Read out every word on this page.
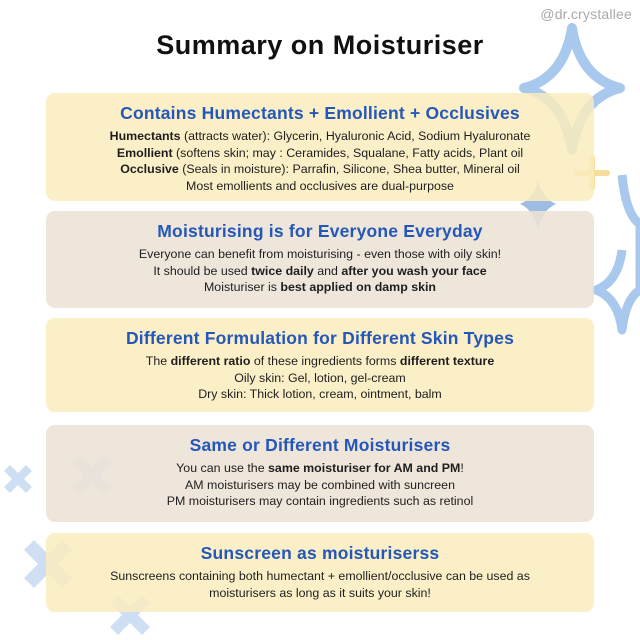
@dr.crystallee
Summary on Moisturiser
Contains Humectants + Emollient + Occlusives
Humectants (attracts water): Glycerin, Hyaluronic Acid, Sodium Hyaluronate
Emollient (softens skin; may : Ceramides, Squalane, Fatty acids, Plant oil
Occlusive (Seals in moisture): Parrafin, Silicone, Shea butter, Mineral oil
Most emollients and occlusives are dual-purpose
Moisturising is for Everyone Everyday
Everyone can benefit from moisturising - even those with oily skin!
It should be used twice daily and after you wash your face
Moisturiser is best applied on damp skin
Different Formulation for Different Skin Types
The different ratio of these ingredients forms different texture
Oily skin: Gel, lotion, gel-cream
Dry skin: Thick lotion, cream, ointment, balm
Same or Different Moisturisers
You can use the same moisturiser for AM and PM!
AM moisturisers may be combined with suncreen
PM moisturisers may contain ingredients such as retinol
Sunscreen as moisturiserss
Sunscreens containing both humectant + emollient/occlusive can be used as
moisturisers as long as it suits your skin!
